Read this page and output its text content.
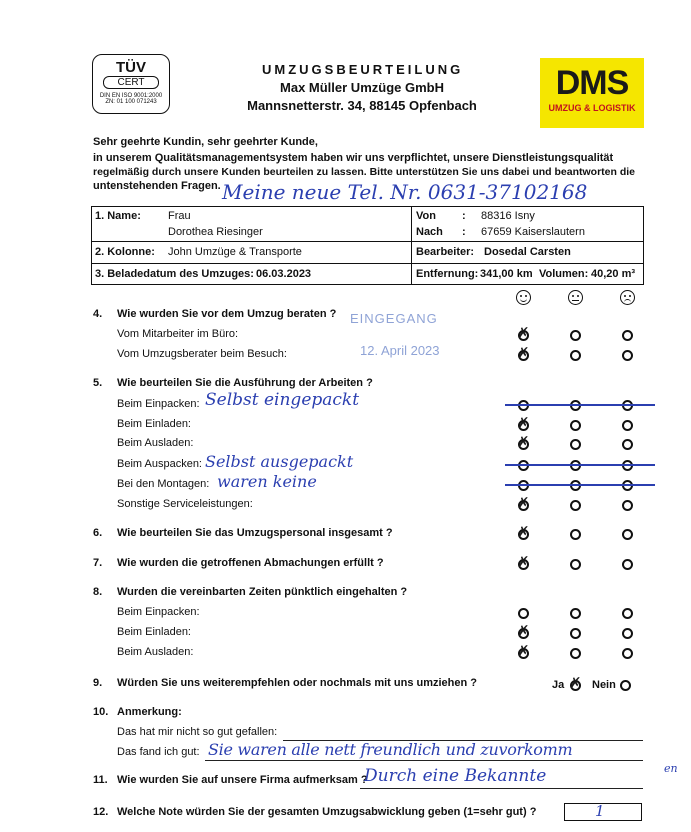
TÜV
CERT
DIN EN ISO 9001:2000
ZN: 01 100 071243
UMZUGSBEURTEILUNG
Max Müller Umzüge GmbH
Mannsnetterstr. 34, 88145 Opfenbach
DMS
UMZUG & LOGISTIK
Sehr geehrte Kundin, sehr geehrter Kunde,
in unserem Qualitätsmanagementsystem haben wir uns verpflichtet, unsere Dienstleistungsqualität
regelmäßig durch unsere Kunden beurteilen zu lassen. Bitte unterstützen Sie uns dabei und beantworten die
untenstehenden Fragen. Meine neue Tel. Nr. 0631-37102168
1. Name: Frau
Dorothea Riesinger
2. Kolonne: John Umzüge & Transporte
3. Beladedatum des Umzuges: 06.03.2023
Von : 88316 Isny
Nach : 67659 Kaiserslautern
Bearbeiter: Dosedal Carsten
Entfernung: 341,00 km Volumen: 40,20 m³
EINGEGANG
12. April 2023
4. Wie wurden Sie vor dem Umzug beraten ?
Vom Mitarbeiter im Büro:
Vom Umzugsberater beim Besuch:
5. Wie beurteilen Sie die Ausführung der Arbeiten ?
Beim Einpacken: Selbst eingepackt
Beim Einladen:
Beim Ausladen:
Beim Auspacken: Selbst ausgepackt
Bei den Montagen: waren keine
Sonstige Serviceleistungen:
6. Wie beurteilen Sie das Umzugspersonal insgesamt ?
7. Wie wurden die getroffenen Abmachungen erfüllt ?
8. Wurden die vereinbarten Zeiten pünktlich eingehalten ?
Beim Einpacken:
Beim Einladen:
Beim Ausladen:
9. Würden Sie uns weiterempfehlen oder nochmals mit uns umziehen ?	Ja ✗ Nein
10. Anmerkung:
Das hat mir nicht so gut gefallen:
Das fand ich gut: Sie waren alle nett freundlich und zuvorkomm
en
11. Wie wurden Sie auf unsere Firma aufmerksam ?
Durch eine Bekannte
12. Welche Note würden Sie der gesamten Umzugsabwicklung geben (1=sehr gut) ?	1
✗
✗
✗
✗
✗
✗
✗
✗
✗
